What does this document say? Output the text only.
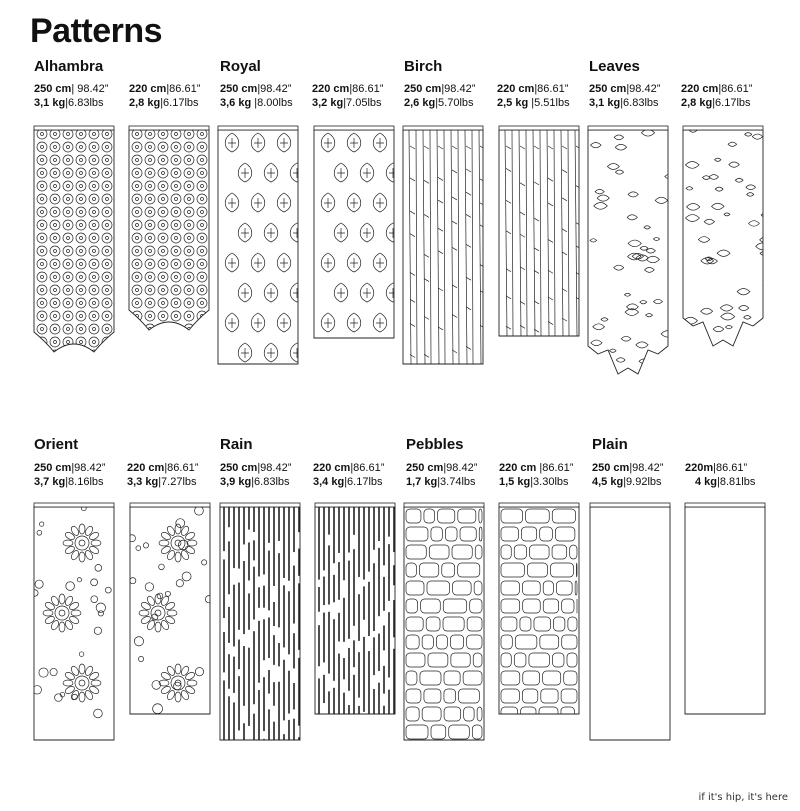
Patterns
Alhambra
250 cm| 98.42”
3,1 kg|6.83lbs
220 cm|86.61”
2,8 kg|6.17lbs
Royal
250 cm|98.42”
3,6 kg |8.00lbs
220 cm|86.61”
3,2 kg|7.05lbs
Birch
250 cm|98.42”
2,6 kg|5.70lbs
220 cm|86.61”
2,5 kg |5.51lbs
Leaves
250 cm|98.42”
3,1 kg|6.83lbs
220 cm|86.61”
2,8 kg|6.17lbs
Orient
250 cm|98.42”
3,7 kg|8.16lbs
220 cm|86.61”
3,3 kg|7.27lbs
Rain
250 cm|98.42”
3,9 kg|6.83lbs
220 cm|86.61”
3,4 kg|6.17lbs
Pebbles
250 cm|98.42”
1,7 kg|3.74lbs
220 cm |86.61”
1,5 kg|3.30lbs
Plain
250 cm|98.42”
4,5 kg|9.92lbs
220m|86.61”
4 kg|8.81lbs
if it's hip, it's here
